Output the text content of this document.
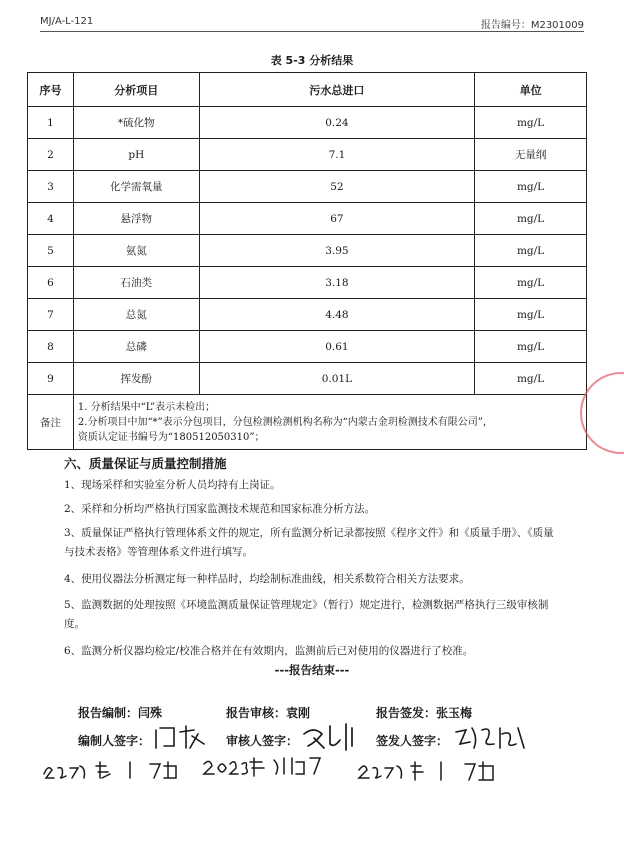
MJ/A-L-121	报告编号：M2301009
表 5-3 分析结果
序号	分析项目	污水总进口	单位
1	*硫化物	0.24	mg/L
2	pH	7.1	无量纲
3	化学需氧量	52	mg/L
4	悬浮物	67	mg/L
5	氨氮	3.95	mg/L
6	石油类	3.18	mg/L
7	总氮	4.48	mg/L
8	总磷	0.61	mg/L
9	挥发酚	0.01L	mg/L
备注	1. 分析结果中“L”表示未检出；
2.分析项目中加“*”表示分包项目，分包检测检测机构名称为“内蒙古金玥检测技术有限公司”，
资质认定证书编号为“180512050310”；		
六、质量保证与质量控制措施
1、现场采样和实验室分析人员均持有上岗证。
2、采样和分析均严格执行国家监测技术规范和国家标准分析方法。
3、质量保证严格执行管理体系文件的规定，所有监测分析记录都按照《程序文件》和《质量手册》、《质量与技术表格》等管理体系文件进行填写。
4、使用仪器法分析测定每一种样品时，均绘制标准曲线，相关系数符合相关方法要求。
5、监测数据的处理按照《环境监测质量保证管理规定》（暂行）规定进行，检测数据严格执行三级审核制度。
6、监测分析仪器均检定/校准合格并在有效期内，监测前后已对使用的仪器进行了校准。
---报告结束---
报告编制：闫殊	报告审核：袁刚	报告签发：张玉梅
编制人签字：	审核人签字：	签发人签字：
